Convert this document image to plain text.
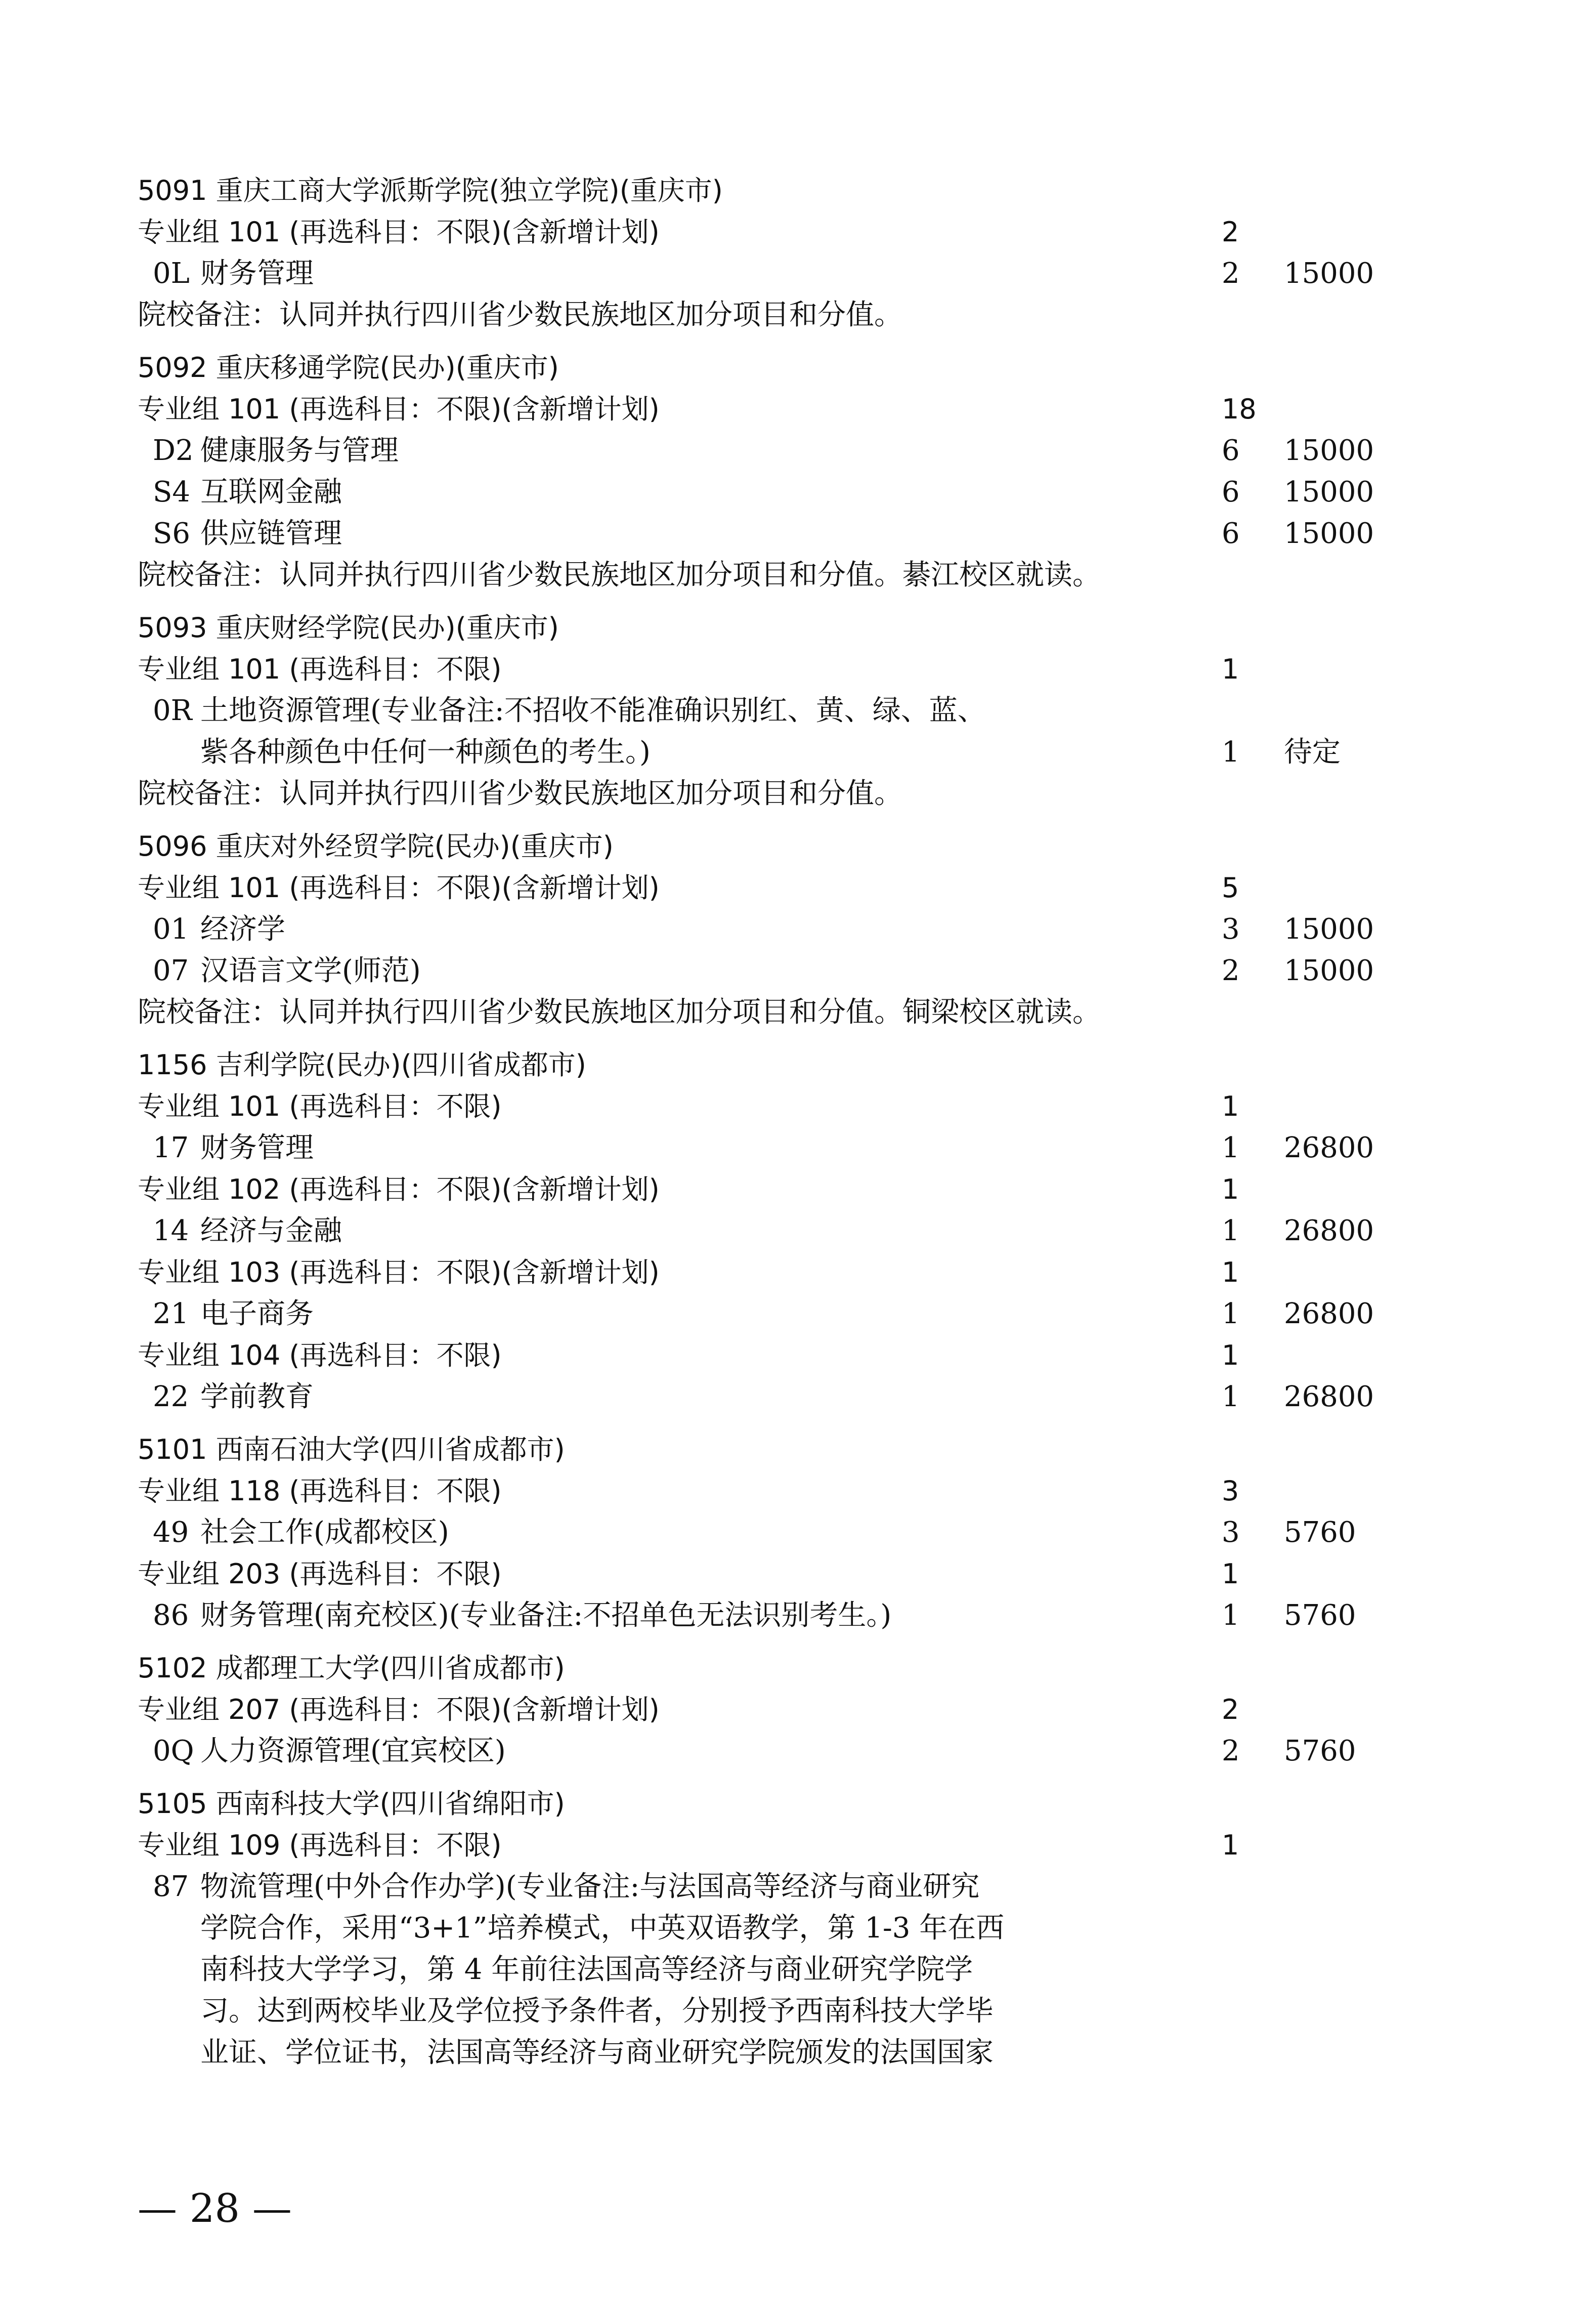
5091 重庆工商大学派斯学院(独立学院)(重庆市)
专业组 101 (再选科目：不限)(含新增计划)	2
0L 财务管理	2 15000
院校备注：认同并执行四川省少数民族地区加分项目和分值。
5092 重庆移通学院(民办)(重庆市)
专业组 101 (再选科目：不限)(含新增计划)	18
D2 健康服务与管理	6 15000
S4 互联网金融	6 15000
S6 供应链管理	6 15000
院校备注：认同并执行四川省少数民族地区加分项目和分值。綦江校区就读。
5093 重庆财经学院(民办)(重庆市)
专业组 101 (再选科目：不限)	1
0R 土地资源管理(专业备注:不招收不能准确识别红、黄、绿、蓝、
紫各种颜色中任何一种颜色的考生。)	1 待定
院校备注：认同并执行四川省少数民族地区加分项目和分值。
5096 重庆对外经贸学院(民办)(重庆市)
专业组 101 (再选科目：不限)(含新增计划)	5
01 经济学	3 15000
07 汉语言文学(师范)	2 15000
院校备注：认同并执行四川省少数民族地区加分项目和分值。铜梁校区就读。
1156 吉利学院(民办)(四川省成都市)
专业组 101 (再选科目：不限)	1
17 财务管理	1 26800
专业组 102 (再选科目：不限)(含新增计划)	1
14 经济与金融	1 26800
专业组 103 (再选科目：不限)(含新增计划)	1
21 电子商务	1 26800
专业组 104 (再选科目：不限)	1
22 学前教育	1 26800
5101 西南石油大学(四川省成都市)
专业组 118 (再选科目：不限)	3
49 社会工作(成都校区)	3 5760
专业组 203 (再选科目：不限)	1
86 财务管理(南充校区)(专业备注:不招单色无法识别考生。)	1 5760
5102 成都理工大学(四川省成都市)
专业组 207 (再选科目：不限)(含新增计划)	2
0Q 人力资源管理(宜宾校区)	2 5760
5105 西南科技大学(四川省绵阳市)
专业组 109 (再选科目：不限)	1
87 物流管理(中外合作办学)(专业备注:与法国高等经济与商业研究
学院合作，采用“3+1”培养模式，中英双语教学，第 1-3 年在西
南科技大学学习，第 4 年前往法国高等经济与商业研究学院学
习。达到两校毕业及学位授予条件者，分别授予西南科技大学毕
业证、学位证书，法国高等经济与商业研究学院颁发的法国国家
— 28 —
